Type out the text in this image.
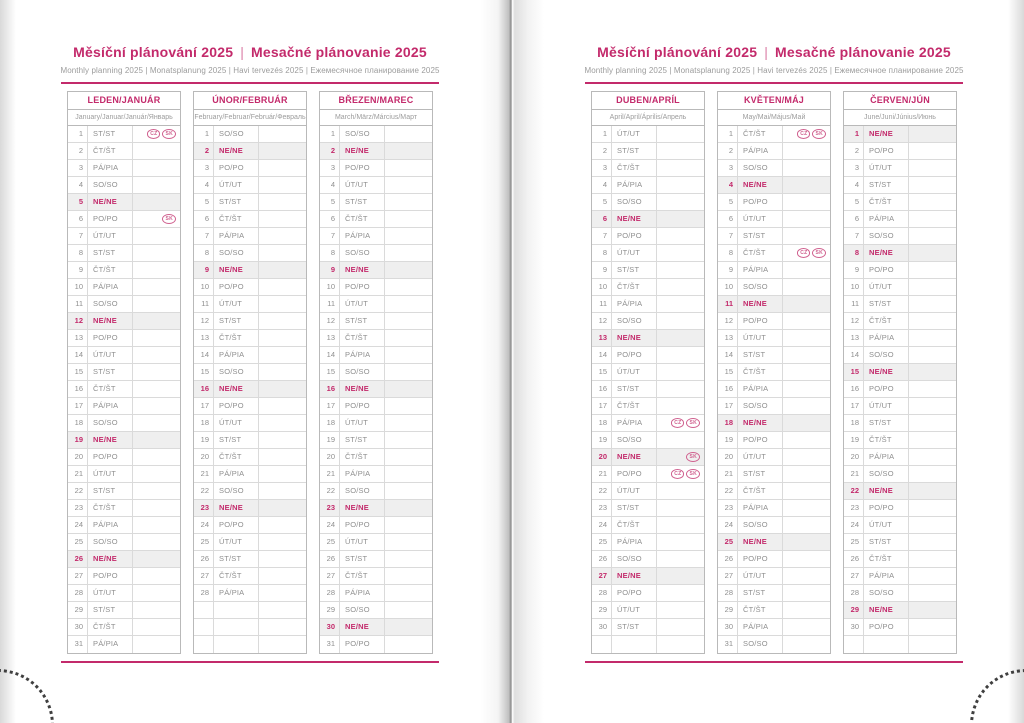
Měsíční plánování 2025 | Mesačné plánovanie 2025
Monthly planning 2025 | Monatsplanung 2025 | Havi tervezés 2025 | Ежемесячное планирование 2025
LEDEN/JANUÁR
January/Januar/Január/Январь
1	ST/ST	CZ	SK
2	ČT/ŠT
3	PÁ/PIA
4	SO/SO
5	NE/NE
6	PO/PO	SK
7	ÚT/UT
8	ST/ST
9	ČT/ŠT
10	PÁ/PIA
11	SO/SO
12	NE/NE
13	PO/PO
14	ÚT/UT
15	ST/ST
16	ČT/ŠT
17	PÁ/PIA
18	SO/SO
19	NE/NE
20	PO/PO
21	ÚT/UT
22	ST/ST
23	ČT/ŠT
24	PÁ/PIA
25	SO/SO
26	NE/NE
27	PO/PO
28	ÚT/UT
29	ST/ST
30	ČT/ŠT
31	PÁ/PIA
ÚNOR/FEBRUÁR
February/Februar/Február/Февраль
1	SO/SO
2	NE/NE
3	PO/PO
4	ÚT/UT
5	ST/ST
6	ČT/ŠT
7	PÁ/PIA
8	SO/SO
9	NE/NE
10	PO/PO
11	ÚT/UT
12	ST/ST
13	ČT/ŠT
14	PÁ/PIA
15	SO/SO
16	NE/NE
17	PO/PO
18	ÚT/UT
19	ST/ST
20	ČT/ŠT
21	PÁ/PIA
22	SO/SO
23	NE/NE
24	PO/PO
25	ÚT/UT
26	ST/ST
27	ČT/ŠT
28	PÁ/PIA
BŘEZEN/MAREC
March/März/Március/Март
1	SO/SO
2	NE/NE
3	PO/PO
4	ÚT/UT
5	ST/ST
6	ČT/ŠT
7	PÁ/PIA
8	SO/SO
9	NE/NE
10	PO/PO
11	ÚT/UT
12	ST/ST
13	ČT/ŠT
14	PÁ/PIA
15	SO/SO
16	NE/NE
17	PO/PO
18	ÚT/UT
19	ST/ST
20	ČT/ŠT
21	PÁ/PIA
22	SO/SO
23	NE/NE
24	PO/PO
25	ÚT/UT
26	ST/ST
27	ČT/ŠT
28	PÁ/PIA
29	SO/SO
30	NE/NE
31	PO/PO
Měsíční plánování 2025 | Mesačné plánovanie 2025
Monthly planning 2025 | Monatsplanung 2025 | Havi tervezés 2025 | Ежемесячное планирование 2025
DUBEN/APRÍL
April/April/Április/Апрель
1	ÚT/UT
2	ST/ST
3	ČT/ŠT
4	PÁ/PIA
5	SO/SO
6	NE/NE
7	PO/PO
8	ÚT/UT
9	ST/ST
10	ČT/ŠT
11	PÁ/PIA
12	SO/SO
13	NE/NE
14	PO/PO
15	ÚT/UT
16	ST/ST
17	ČT/ŠT
18	PÁ/PIA	CZ	SK
19	SO/SO
20	NE/NE	SK
21	PO/PO	CZ	SK
22	ÚT/UT
23	ST/ST
24	ČT/ŠT
25	PÁ/PIA
26	SO/SO
27	NE/NE
28	PO/PO
29	ÚT/UT
30	ST/ST
KVĚTEN/MÁJ
May/Mai/Május/Май
1	ČT/ŠT	CZ	SK
2	PÁ/PIA
3	SO/SO
4	NE/NE
5	PO/PO
6	ÚT/UT
7	ST/ST
8	ČT/ŠT	CZ	SK
9	PÁ/PIA
10	SO/SO
11	NE/NE
12	PO/PO
13	ÚT/UT
14	ST/ST
15	ČT/ŠT
16	PÁ/PIA
17	SO/SO
18	NE/NE
19	PO/PO
20	ÚT/UT
21	ST/ST
22	ČT/ŠT
23	PÁ/PIA
24	SO/SO
25	NE/NE
26	PO/PO
27	ÚT/UT
28	ST/ST
29	ČT/ŠT
30	PÁ/PIA
31	SO/SO
ČERVEN/JÚN
June/Juni/Június/Июнь
1	NE/NE
2	PO/PO
3	ÚT/UT
4	ST/ST
5	ČT/ŠT
6	PÁ/PIA
7	SO/SO
8	NE/NE
9	PO/PO
10	ÚT/UT
11	ST/ST
12	ČT/ŠT
13	PÁ/PIA
14	SO/SO
15	NE/NE
16	PO/PO
17	ÚT/UT
18	ST/ST
19	ČT/ŠT
20	PÁ/PIA
21	SO/SO
22	NE/NE
23	PO/PO
24	ÚT/UT
25	ST/ST
26	ČT/ŠT
27	PÁ/PIA
28	SO/SO
29	NE/NE
30	PO/PO
